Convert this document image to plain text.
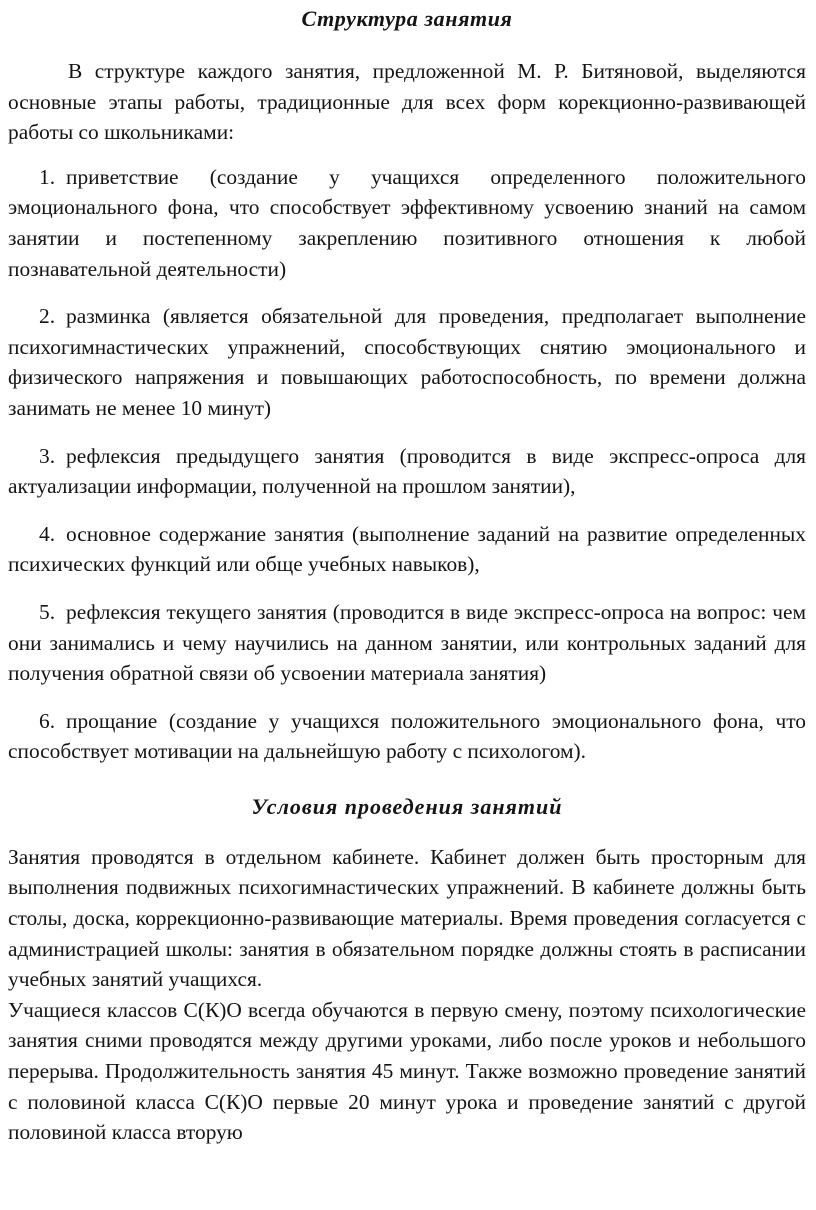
Структура занятия

В структуре каждого занятия, предложенной М. Р. Битяновой, выделяются основные этапы работы, традиционные для всех форм корекционно-развивающей работы со школьниками:

1. приветствие (создание у учащихся определенного положительного эмоционального фона, что способствует эффективному усвоению знаний на самом занятии и постепенному закреплению позитивного отношения к любой познавательной деятельности)
2. разминка (является обязательной для проведения, предполагает выполнение психогимнастических упражнений, способствующих снятию эмоционального и физического напряжения и повышающих работоспособность, по времени должна занимать не менее 10 минут)
3. рефлексия предыдущего занятия (проводится в виде экспресс-опроса для актуализации информации, полученной на прошлом занятии),
4. основное содержание занятия (выполнение заданий на развитие определенных психических функций или обще учебных навыков),
5. рефлексия текущего занятия (проводится в виде экспресс-опроса на вопрос: чем они занимались и чему научились на данном занятии, или контрольных заданий для получения обратной связи об усвоении материала занятия)
6. прощание (создание у учащихся положительного эмоционального фона, что способствует мотивации на дальнейшую работу с психологом).
Условия проведения занятий

Занятия проводятся в отдельном кабинете. Кабинет должен быть просторным для выполнения подвижных психогимнастических упражнений. В кабинете должны быть столы, доска, коррекционно-развивающие материалы. Время проведения согласуется с администрацией школы: занятия в обязательном порядке должны стоять в расписании учебных занятий учащихся.

Учащиеся классов С(К)О всегда обучаются в первую смену, поэтому психологические занятия сними проводятся между другими уроками, либо после уроков и небольшого перерыва. Продолжительность занятия 45 минут. Также возможно проведение занятий с половиной класса С(К)О первые 20 минут урока и проведение занятий с другой половиной класса вторую
